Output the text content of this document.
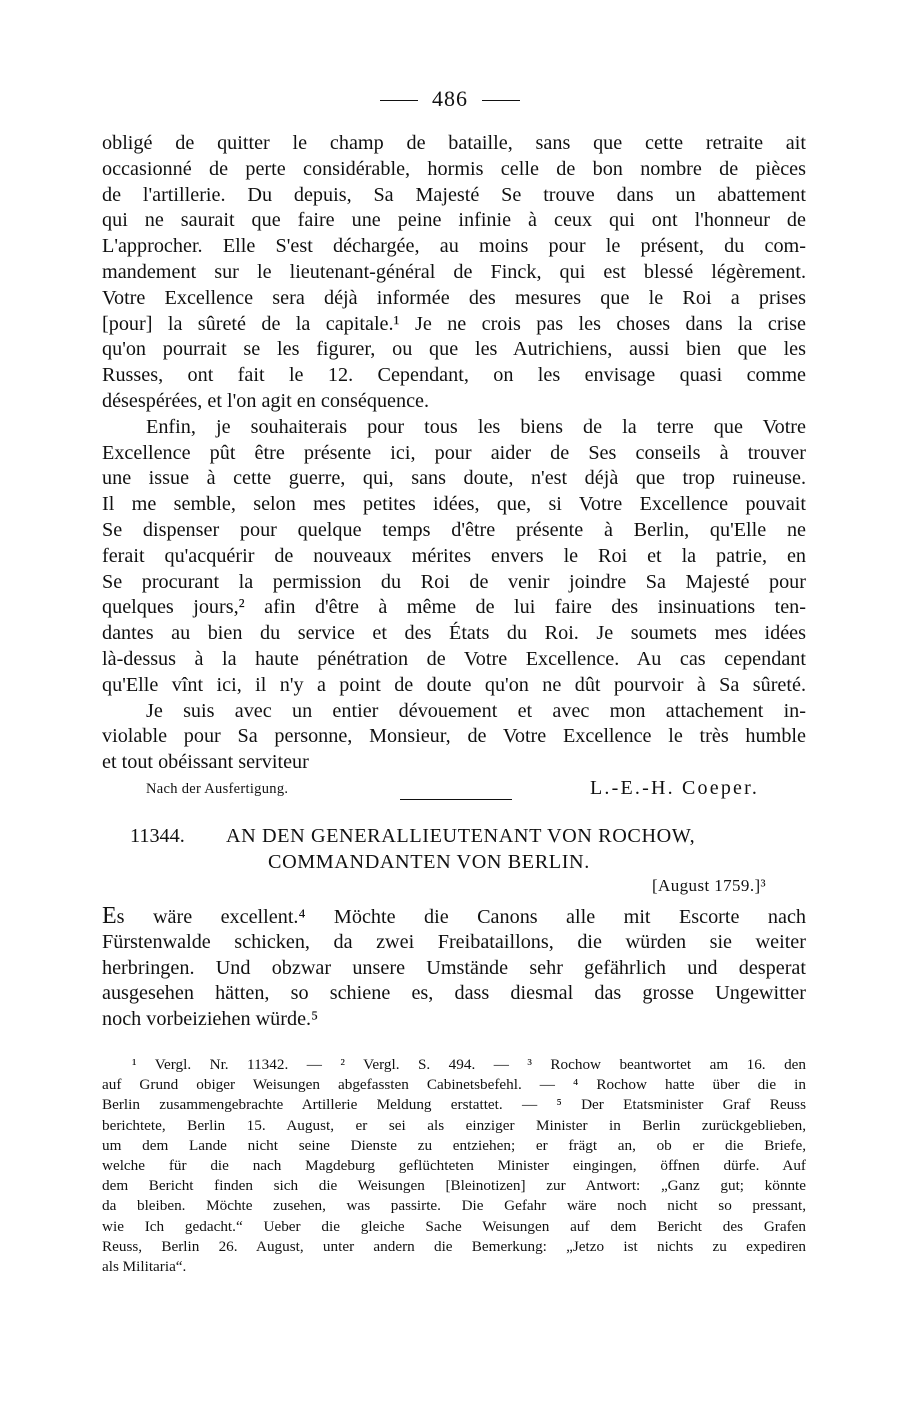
486
obligé de quitter le champ de bataille, sans que cette retraite ait
occasionné de perte considérable, hormis celle de bon nombre de pièces
de l'artillerie. Du depuis, Sa Majesté Se trouve dans un abattement
qui ne saurait que faire une peine infinie à ceux qui ont l'honneur de
L'approcher. Elle S'est déchargée, au moins pour le présent, du com-
mandement sur le lieutenant-général de Finck, qui est blessé légèrement.
Votre Excellence sera déjà informée des mesures que le Roi a prises
[pour] la sûreté de la capitale.¹ Je ne crois pas les choses dans la crise
qu'on pourrait se les figurer, ou que les Autrichiens, aussi bien que les
Russes, ont fait le 12. Cependant, on les envisage quasi comme
désespérées, et l'on agit en conséquence.
Enfin, je souhaiterais pour tous les biens de la terre que Votre
Excellence pût être présente ici, pour aider de Ses conseils à trouver
une issue à cette guerre, qui, sans doute, n'est déjà que trop ruineuse.
Il me semble, selon mes petites idées, que, si Votre Excellence pouvait
Se dispenser pour quelque temps d'être présente à Berlin, qu'Elle ne
ferait qu'acquérir de nouveaux mérites envers le Roi et la patrie, en
Se procurant la permission du Roi de venir joindre Sa Majesté pour
quelques jours,² afin d'être à même de lui faire des insinuations ten-
dantes au bien du service et des États du Roi. Je soumets mes idées
là-dessus à la haute pénétration de Votre Excellence. Au cas cependant
qu'Elle vînt ici, il n'y a point de doute qu'on ne dût pourvoir à Sa sûreté.
Je suis avec un entier dévouement et avec mon attachement in-
violable pour Sa personne, Monsieur, de Votre Excellence le très humble
et tout obéissant serviteur
Nach der Ausfertigung.	L.-E.-H. Coeper.
11344. AN DEN GENERALLIEUTENANT VON ROCHOW,
COMMANDANTEN VON BERLIN.
[August 1759.]³
Es wäre excellent.⁴ Möchte die Canons alle mit Escorte nach
Fürstenwalde schicken, da zwei Freibataillons, die würden sie weiter
herbringen. Und obzwar unsere Umstände sehr gefährlich und desperat
ausgesehen hätten, so schiene es, dass diesmal das grosse Ungewitter
noch vorbeiziehen würde.⁵
¹ Vergl. Nr. 11342. — ² Vergl. S. 494. — ³ Rochow beantwortet am 16. den
auf Grund obiger Weisungen abgefassten Cabinetsbefehl. — ⁴ Rochow hatte über die in
Berlin zusammengebrachte Artillerie Meldung erstattet. — ⁵ Der Etatsminister Graf Reuss
berichtete, Berlin 15. August, er sei als einziger Minister in Berlin zurückgeblieben,
um dem Lande nicht seine Dienste zu entziehen; er frägt an, ob er die Briefe,
welche für die nach Magdeburg geflüchteten Minister eingingen, öffnen dürfe. Auf
dem Bericht finden sich die Weisungen [Bleinotizen] zur Antwort: „Ganz gut; könnte
da bleiben. Möchte zusehen, was passirte. Die Gefahr wäre noch nicht so pressant,
wie Ich gedacht.“ Ueber die gleiche Sache Weisungen auf dem Bericht des Grafen
Reuss, Berlin 26. August, unter andern die Bemerkung: „Jetzo ist nichts zu expediren
als Militaria“.
